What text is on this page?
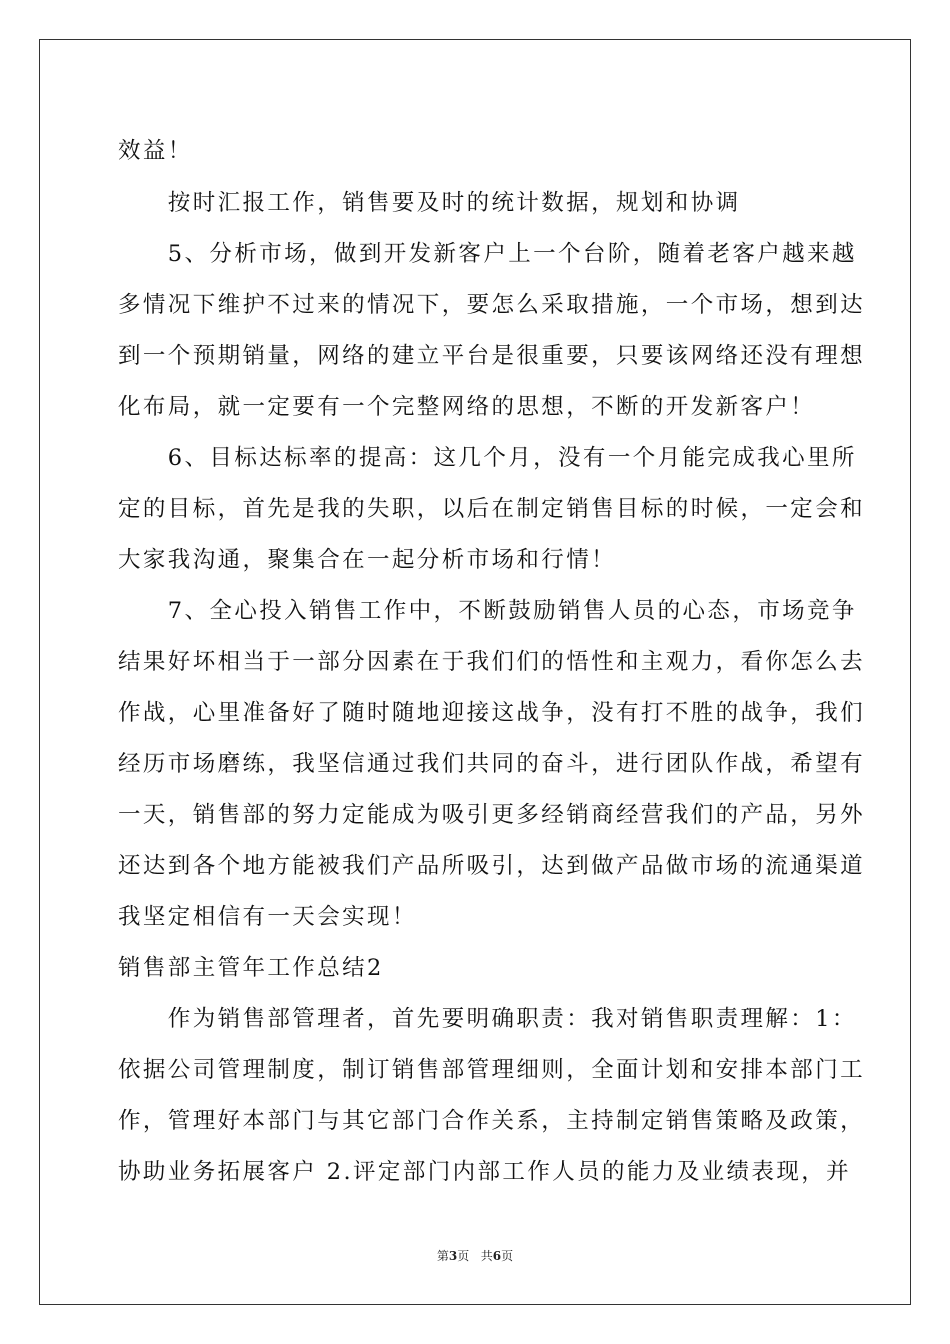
效益！
　　按时汇报工作，销售要及时的统计数据，规划和协调
　　5、分析市场，做到开发新客户上一个台阶，随着老客户越来越
多情况下维护不过来的情况下，要怎么采取措施，一个市场，想到达
到一个预期销量，网络的建立平台是很重要，只要该网络还没有理想
化布局，就一定要有一个完整网络的思想，不断的开发新客户！
　　6、目标达标率的提高：这几个月，没有一个月能完成我心里所
定的目标，首先是我的失职，以后在制定销售目标的时候，一定会和
大家我沟通，聚集合在一起分析市场和行情！
　　7、全心投入销售工作中，不断鼓励销售人员的心态，市场竞争
结果好坏相当于一部分因素在于我们们的悟性和主观力，看你怎么去
作战，心里准备好了随时随地迎接这战争，没有打不胜的战争，我们
经历市场磨练，我坚信通过我们共同的奋斗，进行团队作战，希望有
一天，销售部的努力定能成为吸引更多经销商经营我们的产品，另外
还达到各个地方能被我们产品所吸引，达到做产品做市场的流通渠道
我坚定相信有一天会实现！
销售部主管年工作总结2
　　作为销售部管理者，首先要明确职责：我对销售职责理解：1：
依据公司管理制度，制订销售部管理细则，全面计划和安排本部门工
作，管理好本部门与其它部门合作关系，主持制定销售策略及政策，
协助业务拓展客户 2.评定部门内部工作人员的能力及业绩表现，并
第3页 共6页
